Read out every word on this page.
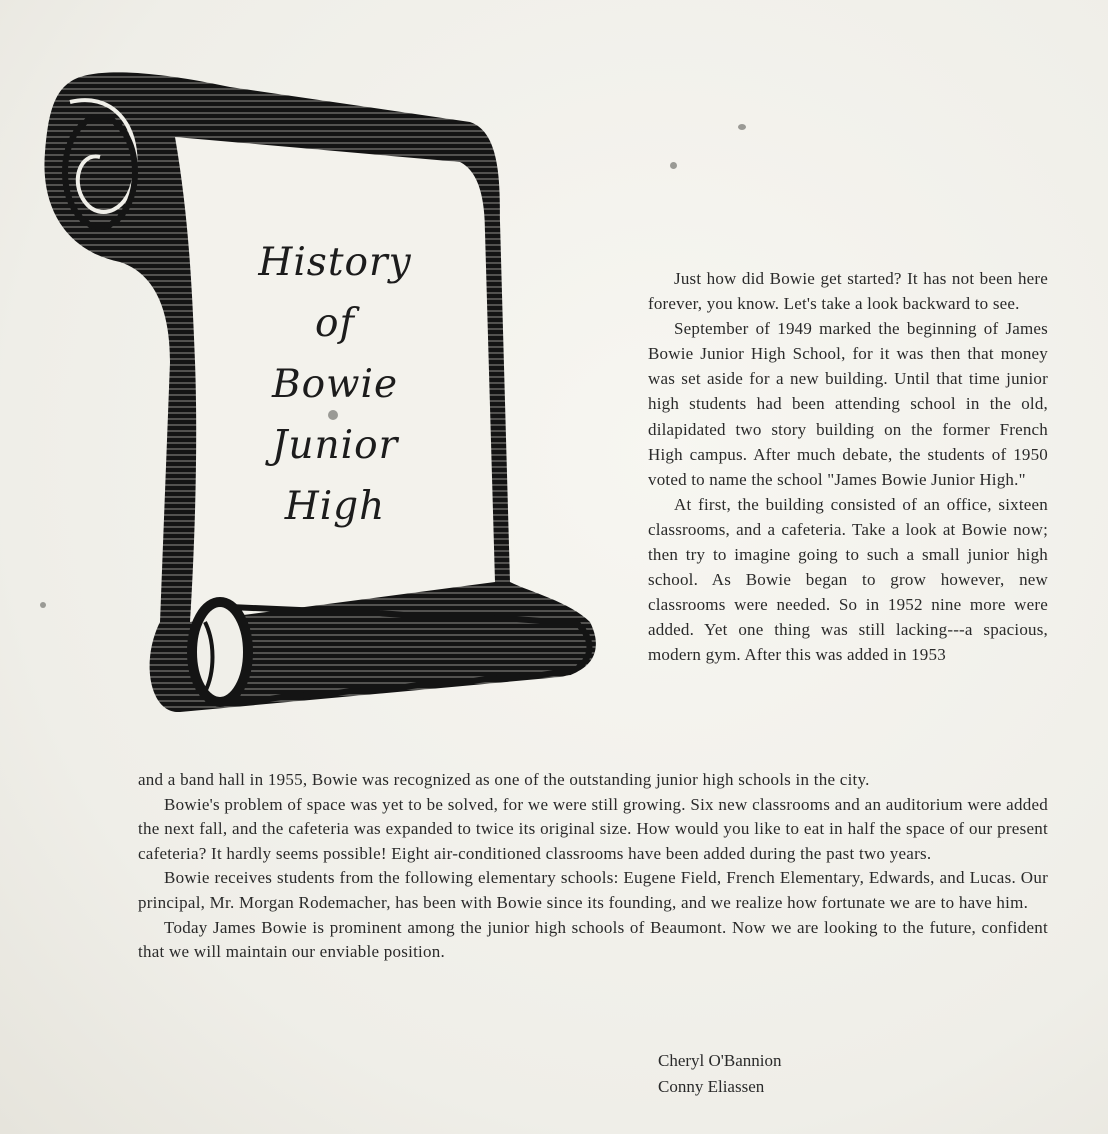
History
of
Bowie
Junior
High

Just how did Bowie get started? It has not been here forever, you know. Let's take a look backward to see.

September of 1949 marked the beginning of James Bowie Junior High School, for it was then that money was set aside for a new building. Until that time junior high students had been attending school in the old, dilapidated two story building on the former French High campus. After much debate, the students of 1950 voted to name the school "James Bowie Junior High."

At first, the building consisted of an office, sixteen classrooms, and a cafeteria. Take a look at Bowie now; then try to imagine going to such a small junior high school. As Bowie began to grow however, new classrooms were needed. So in 1952 nine more were added. Yet one thing was still lacking---a spacious, modern gym. After this was added in 1953

and a band hall in 1955, Bowie was recognized as one of the outstanding junior high schools in the city.

Bowie's problem of space was yet to be solved, for we were still growing. Six new classrooms and an auditorium were added the next fall, and the cafeteria was expanded to twice its original size. How would you like to eat in half the space of our present cafeteria? It hardly seems possible! Eight air-conditioned classrooms have been added during the past two years.

Bowie receives students from the following elementary schools: Eugene Field, French Elementary, Edwards, and Lucas. Our principal, Mr. Morgan Rodemacher, has been with Bowie since its founding, and we realize how fortunate we are to have him.

Today James Bowie is prominent among the junior high schools of Beaumont. Now we are looking to the future, confident that we will maintain our enviable position.

Cheryl O'Bannion
Conny Eliassen
